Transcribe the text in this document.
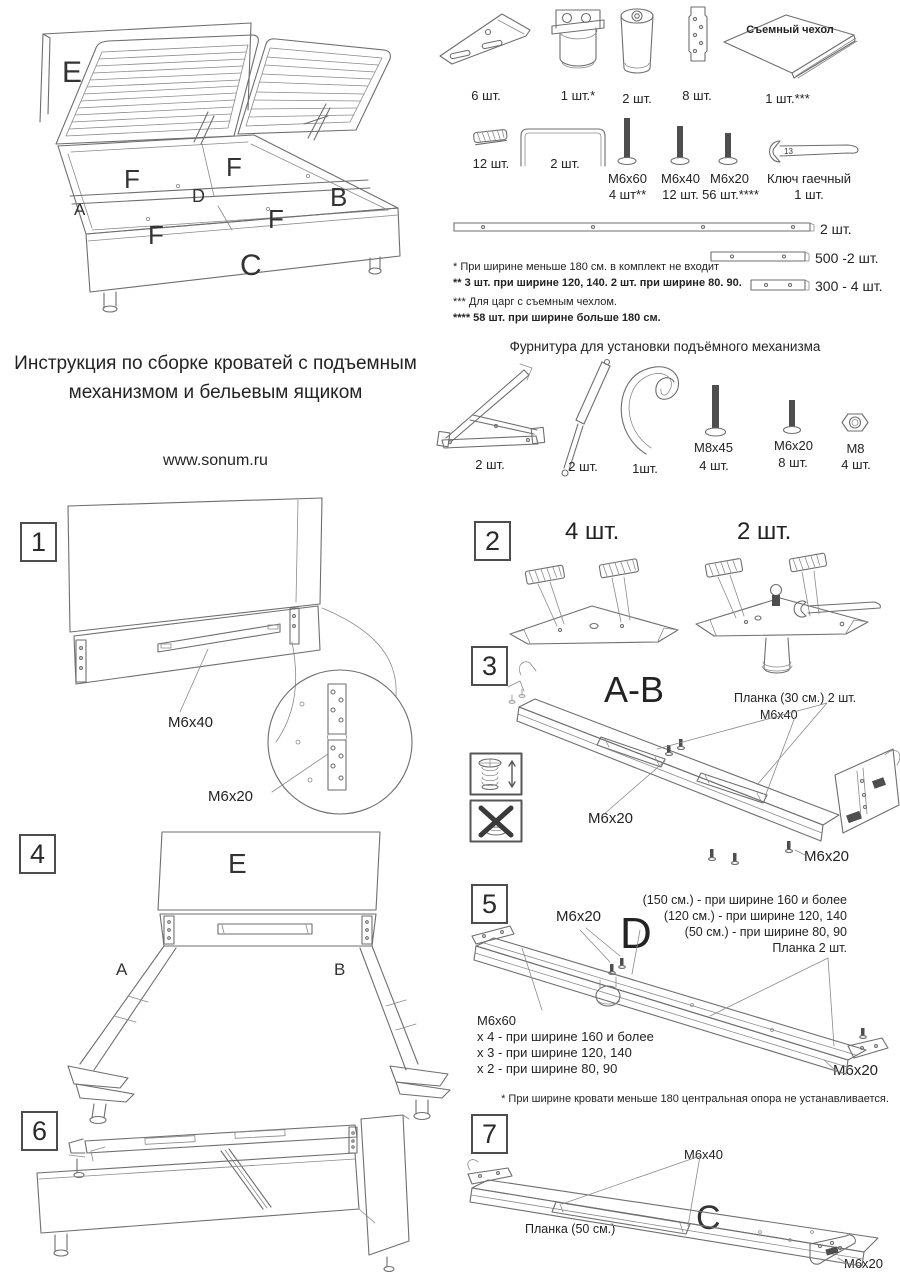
E
F	F
A
D	B
F
F
C
Инструкция по сборке кроватей с подъемным
механизмом и бельевым ящиком
www.sonum.ru
6 шт.	1 шт.*	2 шт.	8 шт.
Съемный чехол
1 шт.***
12 шт.	2 шт.
М6х60
4 шт**
М6х40
12 шт.
М6х20
56 шт.****
13
Ключ гаечный
1 шт.
2 шт.
500 -2 шт.
300 - 4 шт.
* При ширине меньше 180 см. в комплект не входит
** 3 шт. при ширине 120, 140. 2 шт. при ширине 80. 90.
*** Для царг с съемным чехлом.
**** 58 шт. при ширине больше 180 см.
Фурнитура для установки подъёмного механизма
2 шт.	2 шт.	1шт.
М8х45
4 шт.
М6х20
8 шт.
М8
4 шт.
1
М6х40
М6х20
2	4 шт.	2 шт.
3
A-B	Планка (30 см.) 2 шт.
М6х40
М6х20
М6х20
4	E
A	B
5	М6х20 D
(150 см.) - при ширине 160 и более
(120 см.) - при ширине 120, 140
(50 см.) - при ширине 80, 90
Планка 2 шт.
М6х60
х 4 - при ширине 160 и более
х 3 - при ширине 120, 140
х 2 - при ширине 80, 90	М6х20
* При ширине кровати меньше 180 центральная опора не устанавливается.
6	7
М6х40
Планка (50 см.) C
М6х20
